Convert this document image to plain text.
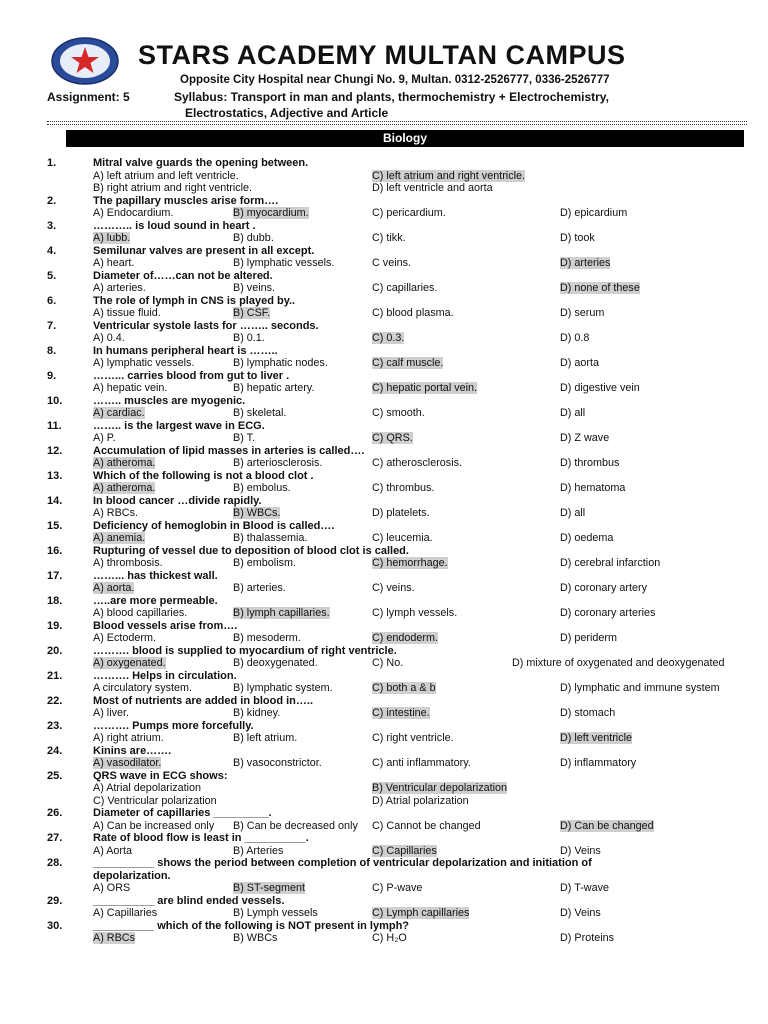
STARS ACADEMY MULTAN CAMPUS
Opposite City Hospital near Chungi No. 9, Multan. 0312-2526777, 0336-2526777
Assignment: 5	Syllabus: Transport in man and plants, thermochemistry + Electrochemistry,
Electrostatics, Adjective and Article
Biology
1.	Mitral valve guards the opening between.
A) left atrium and left ventricle.	C) left atrium and right ventricle.
B) right atrium and right ventricle.	D) left ventricle and aorta
2.	The papillary muscles arise form….
A) Endocardium.	B) myocardium.	C) pericardium.	D) epicardium
3.	……….. is loud sound in heart .
A) lubb.	B) dubb.	C) tikk.	D) took
4.	Semilunar valves are present in all except.
A) heart.	B) lymphatic vessels.	C veins.	D) arteries
5.	Diameter of……can not be altered.
A) arteries.	B) veins.	C) capillaries.	D) none of these
6.	The role of lymph in CNS is played by..
A) tissue fluid.	B) CSF.	C) blood plasma.	D) serum
7.	Ventricular systole lasts for …….. seconds.
A) 0.4.	B) 0.1.	C) 0.3.	D) 0.8
8.	In humans peripheral heart is ……..
A) lymphatic vessels.	B) lymphatic nodes.	C) calf muscle.	D) aorta
9.	……... carries blood from gut to liver .
A) hepatic vein.	B) hepatic artery.	C) hepatic portal vein.	D) digestive vein
10.	…….. muscles are myogenic.
A) cardiac.	B) skeletal.	C) smooth.	D) all
11.	…….. is the largest wave in ECG.
A) P.	B) T.	C) QRS.	D) Z wave
12.	Accumulation of lipid masses in arteries is called….
A) atheroma.	B) arteriosclerosis.	C) atherosclerosis.	D) thrombus
13.	Which of the following is not a blood clot .
A) atheroma.	B) embolus.	C) thrombus.	D) hematoma
14.	In blood cancer …divide rapidly.
A) RBCs.	B) WBCs.	D) platelets.	D) all
15.	Deficiency of hemoglobin in Blood is called….
A) anemia.	B) thalassemia.	C) leucemia.	D) oedema
16.	Rupturing of vessel due to deposition of blood clot is called.
A) thrombosis.	B) embolism.	C) hemorrhage.	D) cerebral infarction
17.	……... has thickest wall.
A) aorta.	B) arteries.	C) veins.	D) coronary artery
18.	…..are more permeable.
A) blood capillaries.	B) lymph capillaries.	C) lymph vessels.	D) coronary arteries
19.	Blood vessels arise from….
A) Ectoderm.	B) mesoderm.	C) endoderm.	D) periderm
20.	………. blood is supplied to myocardium of right ventricle.
A) oxygenated.	B) deoxygenated.	C) No.	D) mixture of oxygenated and deoxygenated
21.	………. Helps in circulation.
A circulatory system.	B) lymphatic system.	C) both a & b	D) lymphatic and immune system
22.	Most of nutrients are added in blood in…..
A) liver.	B) kidney.	C) intestine.	D) stomach
23.	………. Pumps more forcefully.
A) right atrium.	B) left atrium.	C) right ventricle.	D) left ventricle
24.	Kinins are…….
A) vasodilator.	B) vasoconstrictor.	C) anti inflammatory.	D) inflammatory
25.	QRS wave in ECG shows:
A) Atrial depolarization	B) Ventricular depolarization
C) Ventricular polarization	D) Atrial polarization
26.	Diameter of capillaries _________.
A) Can be increased only B) Can be decreased only C) Cannot be changed	D) Can be changed
27.	Rate of blood flow is least in __________.
A) Aorta	B) Arteries	C) Capillaries	D) Veins
28.	__________ shows the period between completion of ventricular depolarization and initiation of
depolarization.
A) ORS	B) ST-segment	C) P-wave	D) T-wave
29.	__________ are blind ended vessels.
A) Capillaries	B) Lymph vessels	C) Lymph capillaries	D) Veins
30.	__________ which of the following is NOT present in lymph?
A) RBCs	B) WBCs	C) H₂O	D) Proteins
